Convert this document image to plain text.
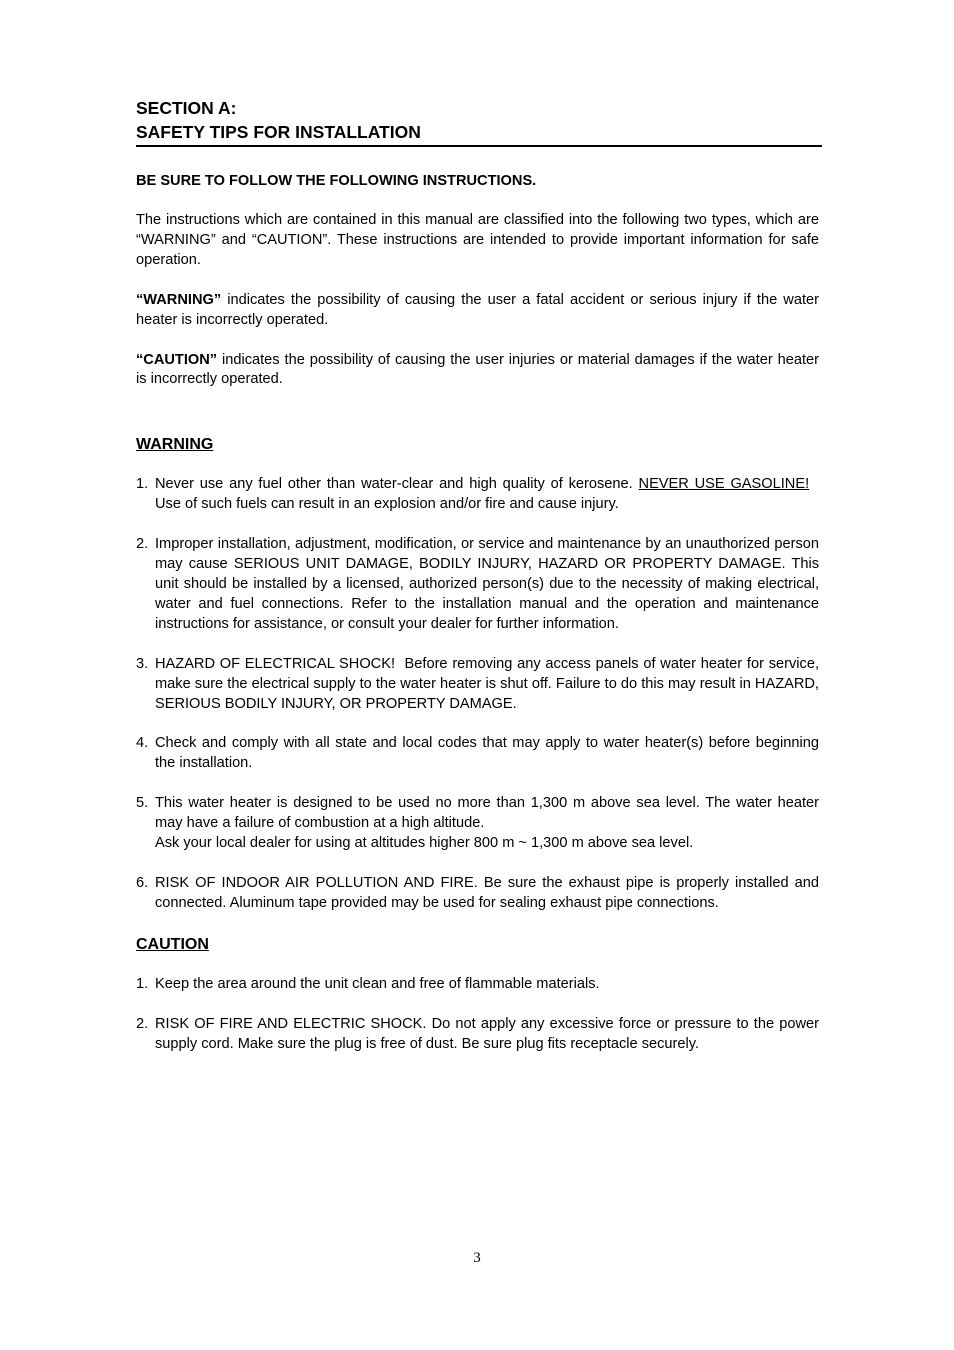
SECTION A:
SAFETY TIPS FOR INSTALLATION
BE SURE TO FOLLOW THE FOLLOWING INSTRUCTIONS.

The instructions which are contained in this manual are classified into the following two types, which are “WARNING” and “CAUTION”. These instructions are intended to provide important information for safe operation.

“WARNING” indicates the possibility of causing the user a fatal accident or serious injury if the water heater is incorrectly operated.

“CAUTION” indicates the possibility of causing the user injuries or material damages if the water heater is incorrectly operated.

WARNING
1. Never use any fuel other than water-clear and high quality of kerosene. NEVER USE GASOLINE!   Use of such fuels can result in an explosion and/or fire and cause injury.
2. Improper installation, adjustment, modification, or service and maintenance by an unauthorized person may cause SERIOUS UNIT DAMAGE, BODILY INJURY, HAZARD OR PROPERTY DAMAGE. This unit should be installed by a licensed, authorized person(s) due to the necessity of making electrical, water and fuel connections. Refer to the installation manual and the operation and maintenance instructions for assistance, or consult your dealer for further information.
3. HAZARD OF ELECTRICAL SHOCK!  Before removing any access panels of water heater for service, make sure the electrical supply to the water heater is shut off. Failure to do this may result in HAZARD, SERIOUS BODILY INJURY, OR PROPERTY DAMAGE.
4. Check and comply with all state and local codes that may apply to water heater(s) before beginning the installation.
5. This water heater is designed to be used no more than 1,300 m above sea level. The water heater may have a failure of combustion at a high altitude.
Ask your local dealer for using at altitudes higher 800 m ~ 1,300 m above sea level.
6. RISK OF INDOOR AIR POLLUTION AND FIRE. Be sure the exhaust pipe is properly installed and connected. Aluminum tape provided may be used for sealing exhaust pipe connections.
CAUTION
1. Keep the area around the unit clean and free of flammable materials.
2. RISK OF FIRE AND ELECTRIC SHOCK. Do not apply any excessive force or pressure to the power supply cord. Make sure the plug is free of dust. Be sure plug fits receptacle securely.
3
